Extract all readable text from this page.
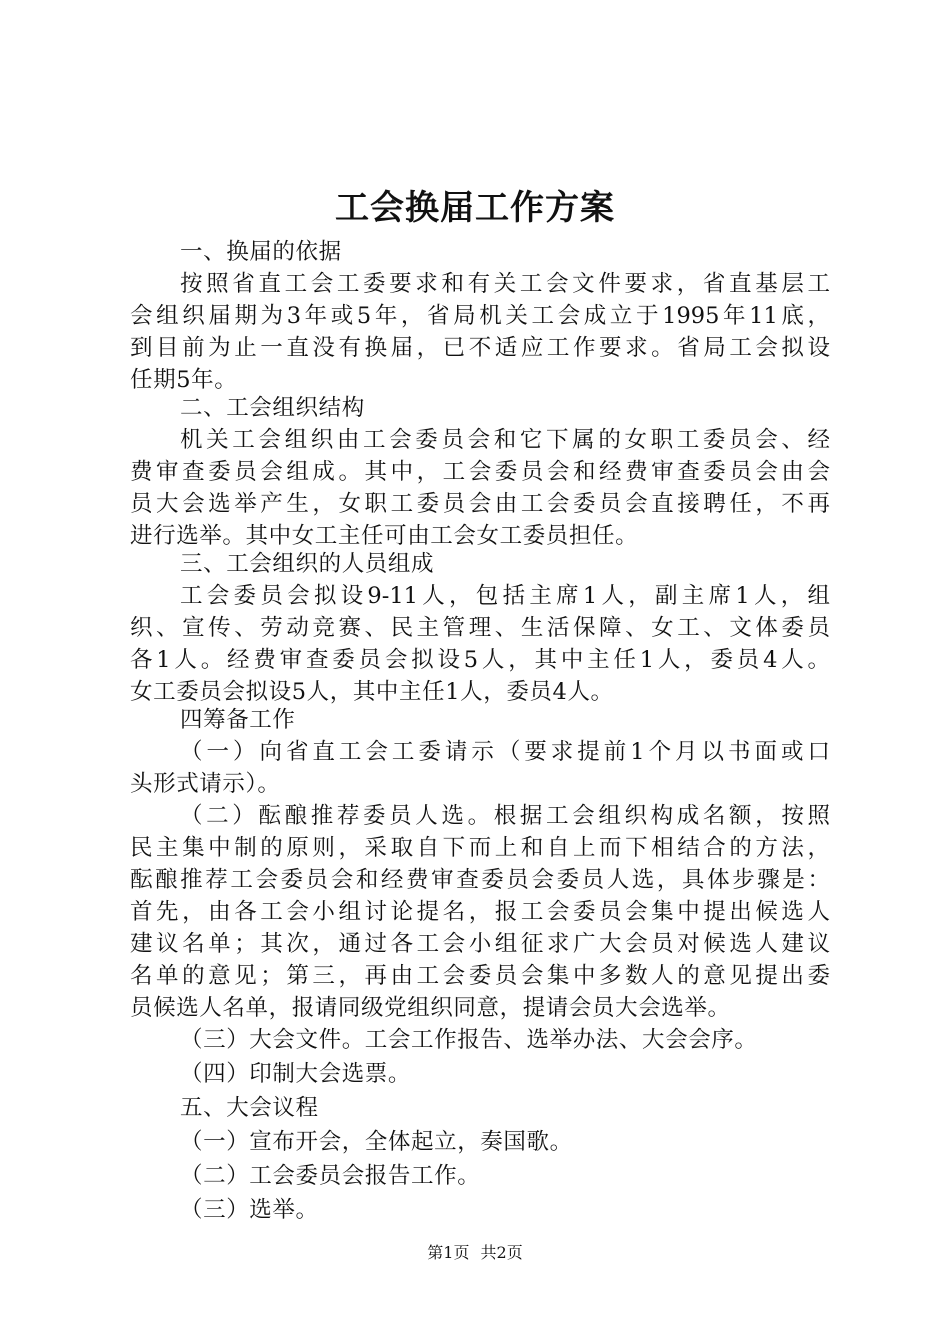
工会换届工作方案
一、换届的依据
按照省直工会工委要求和有关工会文件要求，省直基层工
会组织届期为3年或5年，省局机关工会成立于1995年11底，
到目前为止一直没有换届，已不适应工作要求。省局工会拟设
任期5年。
二、工会组织结构
机关工会组织由工会委员会和它下属的女职工委员会、经
费审查委员会组成。其中，工会委员会和经费审查委员会由会
员大会选举产生，女职工委员会由工会委员会直接聘任，不再
进行选举。其中女工主任可由工会女工委员担任。
三、工会组织的人员组成
工会委员会拟设9-11人，包括主席1人，副主席1人，组
织、宣传、劳动竞赛、民主管理、生活保障、女工、文体委员
各1人。经费审查委员会拟设5人，其中主任1人，委员4人。
女工委员会拟设5人，其中主任1人，委员4人。
四筹备工作
（一）向省直工会工委请示（要求提前1个月以书面或口
头形式请示）。
（二）酝酿推荐委员人选。根据工会组织构成名额，按照
民主集中制的原则，采取自下而上和自上而下相结合的方法，
酝酿推荐工会委员会和经费审查委员会委员人选，具体步骤是：
首先，由各工会小组讨论提名，报工会委员会集中提出候选人
建议名单；其次，通过各工会小组征求广大会员对候选人建议
名单的意见；第三，再由工会委员会集中多数人的意见提出委
员候选人名单，报请同级党组织同意，提请会员大会选举。
（三）大会文件。工会工作报告、选举办法、大会会序。
（四）印制大会选票。
五、大会议程
（一）宣布开会，全体起立，奏国歌。
（二）工会委员会报告工作。
（三）选举。
第1页 共2页
